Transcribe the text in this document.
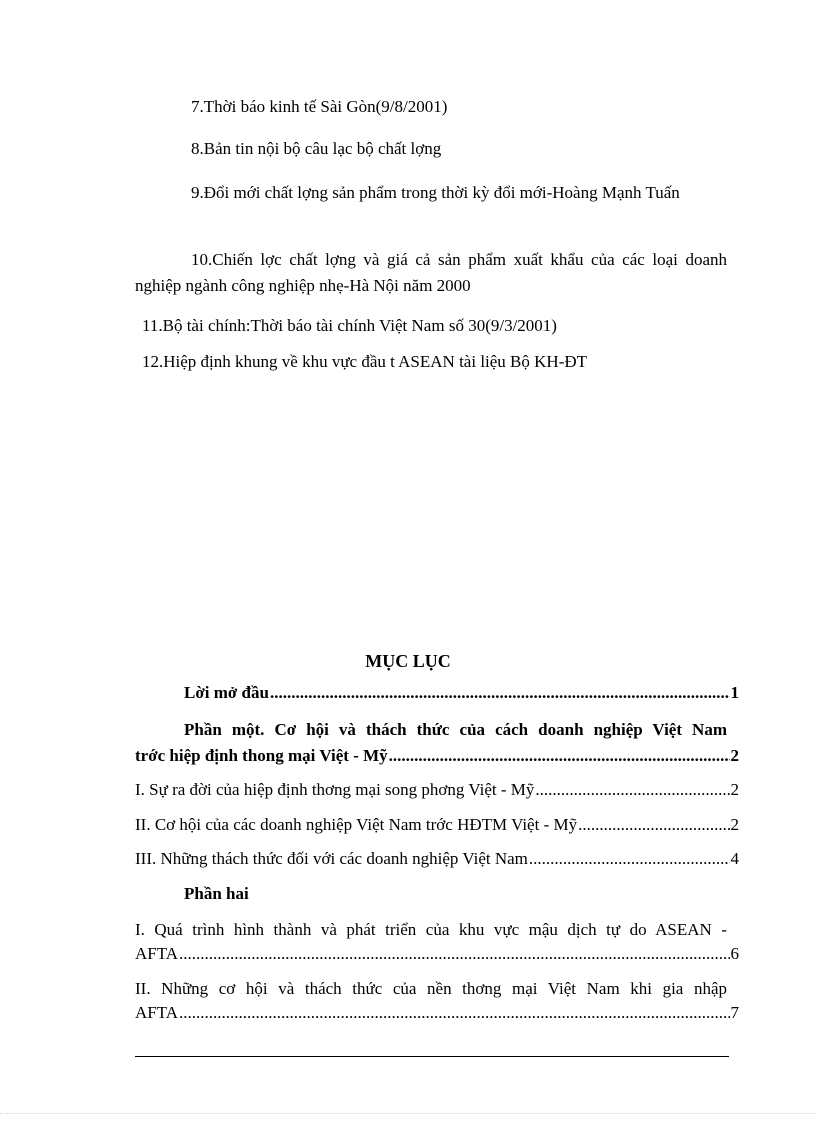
7.Thời báo kinh tế Sài Gòn(9/8/2001)
8.Bản tin nội bộ câu lạc bộ chất lợng
9.Đổi mới chất lợng sản phẩm trong thời kỳ đổi mới-Hoàng Mạnh Tuấn
10.Chiến lợc chất lợng và giá cả sản phẩm xuất khẩu của các loại doanh nghiệp ngành công nghiệp nhẹ-Hà Nội năm 2000
11.Bộ tài chính:Thời báo tài chính Việt Nam số 30(9/3/2001)
12.Hiệp định khung về khu vực đầu t ASEAN tài liệu Bộ KH-ĐT
MỤC LỤC
Lời mở đầu .....	1
Phần một. Cơ hội và thách thức của cách doanh nghiệp Việt Nam
trớc hiệp định thong mại Việt - Mỹ .....	2
I. Sự ra đời của hiệp định thơng mại song phơng Việt - Mỹ .....	2
II. Cơ hội của các doanh nghiệp Việt Nam trớc HĐTM Việt - Mỹ .....	2
III. Những thách thức đối với các doanh nghiệp Việt Nam .....	4
Phần hai
I. Quá trình hình thành và phát triển của khu vực mậu dịch tự do ASEAN -
AFTA .....	6
II. Những cơ hội và thách thức của nền thơng mại Việt Nam khi gia nhập
AFTA .....	7
